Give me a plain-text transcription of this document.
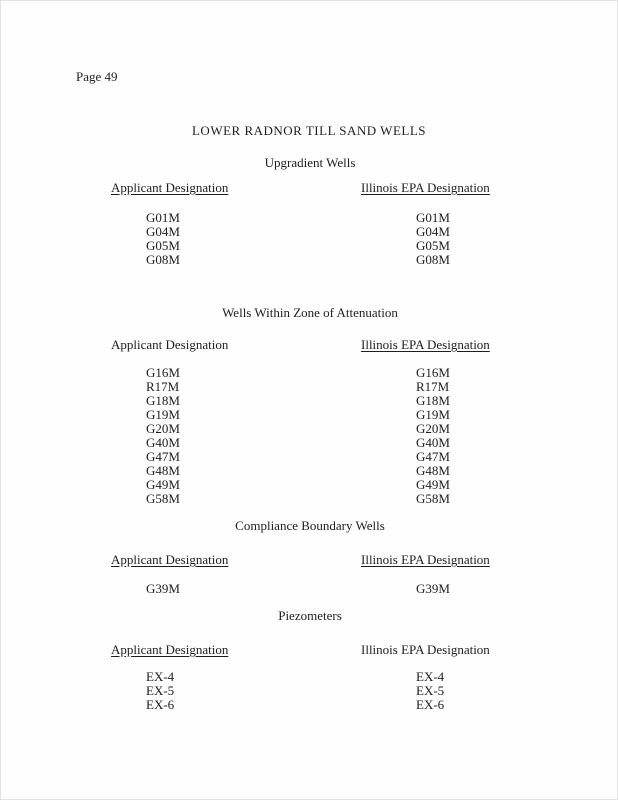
Page 49
LOWER RADNOR TILL SAND WELLS
Upgradient Wells
Applicant Designation	Illinois EPA Designation
G01M	G01M
G04M	G04M
G05M	G05M
G08M	G08M
Wells Within Zone of Attenuation
Applicant Designation	Illinois EPA Designation
G16M	G16M
R17M	R17M
G18M	G18M
G19M	G19M
G20M	G20M
G40M	G40M
G47M	G47M
G48M	G48M
G49M	G49M
G58M	G58M
Compliance Boundary Wells
Applicant Designation	Illinois EPA Designation
G39M	G39M
Piezometers
Applicant Designation	Illinois EPA Designation
EX-4	EX-4
EX-5	EX-5
EX-6	EX-6
